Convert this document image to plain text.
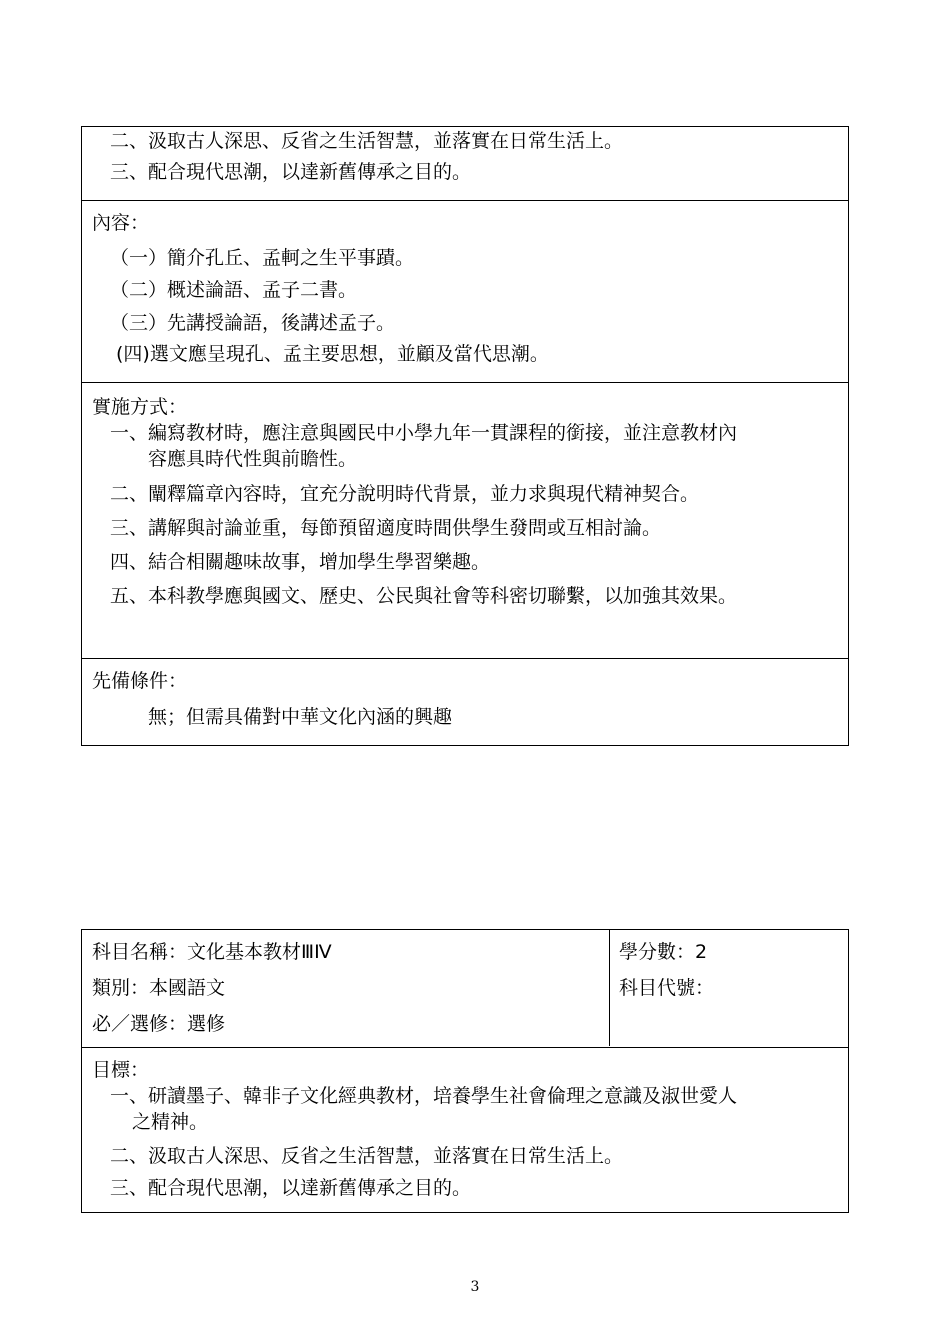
二、汲取古人深思、反省之生活智慧，並落實在日常生活上。
三、配合現代思潮，以達新舊傳承之目的。
內容：
（一）簡介孔丘、孟軻之生平事蹟。
（二）概述論語、孟子二書。
（三）先講授論語，後講述孟子。
(四)選文應呈現孔、孟主要思想，並顧及當代思潮。
實施方式：
一、編寫教材時，應注意與國民中小學九年一貫課程的銜接，並注意教材內
容應具時代性與前瞻性。
二、闡釋篇章內容時，宜充分說明時代背景，並力求與現代精神契合。
三、講解與討論並重，每節預留適度時間供學生發問或互相討論。
四、結合相關趣味故事，增加學生學習樂趣。
五、本科教學應與國文、歷史、公民與社會等科密切聯繫，以加強其效果。
先備條件：
無；但需具備對中華文化內涵的興趣
科目名稱：文化基本教材ⅢⅣ
類別：本國語文
必／選修：選修
學分數：2
科目代號：
目標：
一、研讀墨子、韓非子文化經典教材，培養學生社會倫理之意識及淑世愛人
之精神。
二、汲取古人深思、反省之生活智慧，並落實在日常生活上。
三、配合現代思潮，以達新舊傳承之目的。
3
